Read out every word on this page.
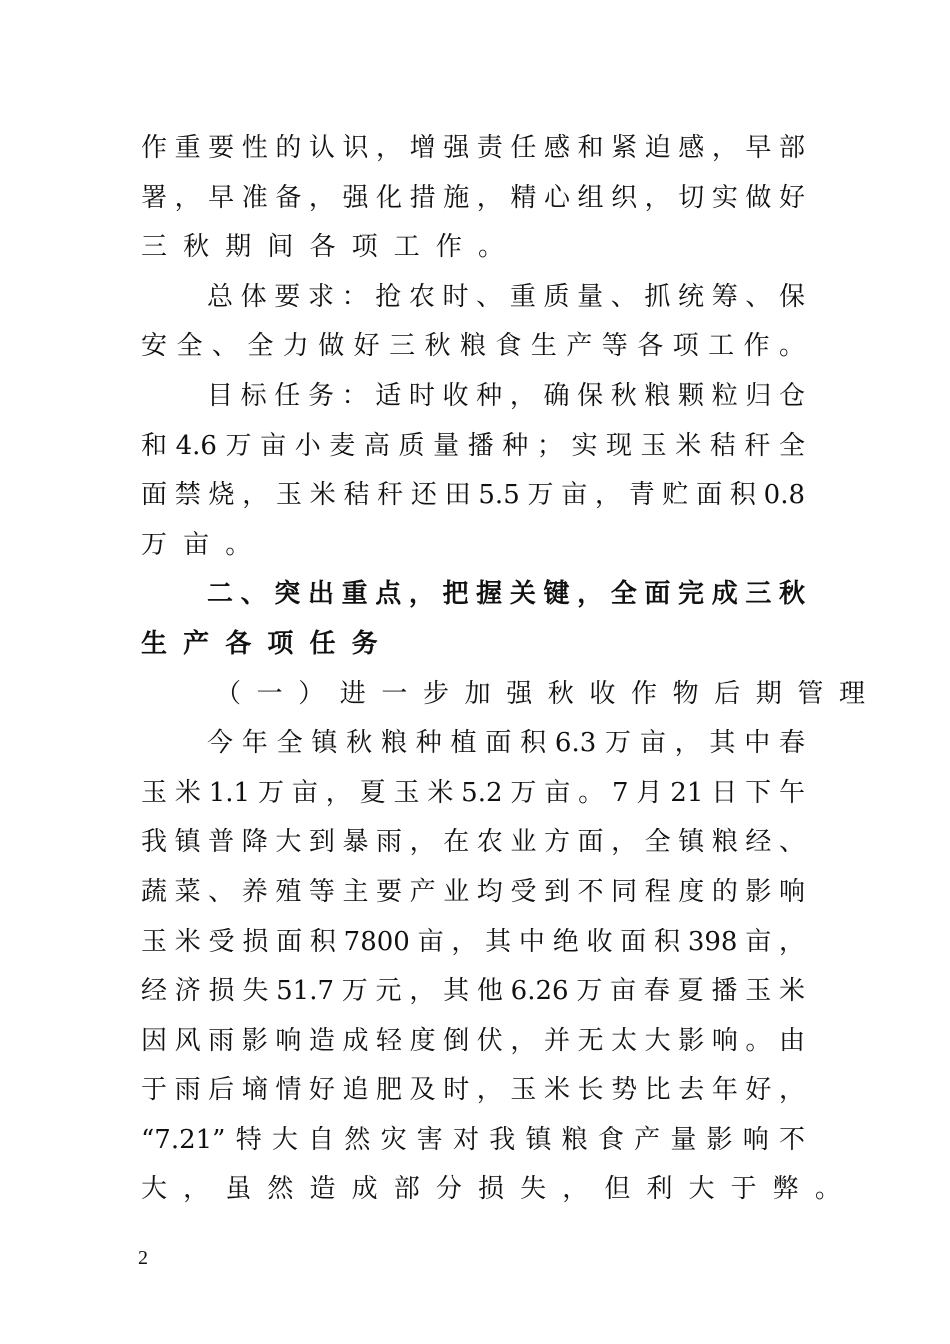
作重要性的认识，增强责任感和紧迫感，早部
署，早准备，强化措施，精心组织，切实做好
三秋期间各项工作。
总体要求：抢农时、重质量、抓统筹、保
安全、全力做好三秋粮食生产等各项工作。
目标任务：适时收种，确保秋粮颗粒归仓
和4.6万亩小麦高质量播种；实现玉米秸秆全
面禁烧，玉米秸秆还田5.5万亩，青贮面积0.8
万亩。
二、突出重点，把握关键，全面完成三秋
生产各项任务
（一）进一步加强秋收作物后期管理
今年全镇秋粮种植面积6.3万亩，其中春
玉米1.1万亩，夏玉米5.2万亩。7月21日下午
我镇普降大到暴雨，在农业方面，全镇粮经、
蔬菜、养殖等主要产业均受到不同程度的影响
玉米受损面积7800亩，其中绝收面积398亩，
经济损失51.7万元，其他6.26万亩春夏播玉米
因风雨影响造成轻度倒伏，并无太大影响。由
于雨后墒情好追肥及时，玉米长势比去年好，
“7.21”特大自然灾害对我镇粮食产量影响不
大，虽然造成部分损失，但利大于弊。
2
